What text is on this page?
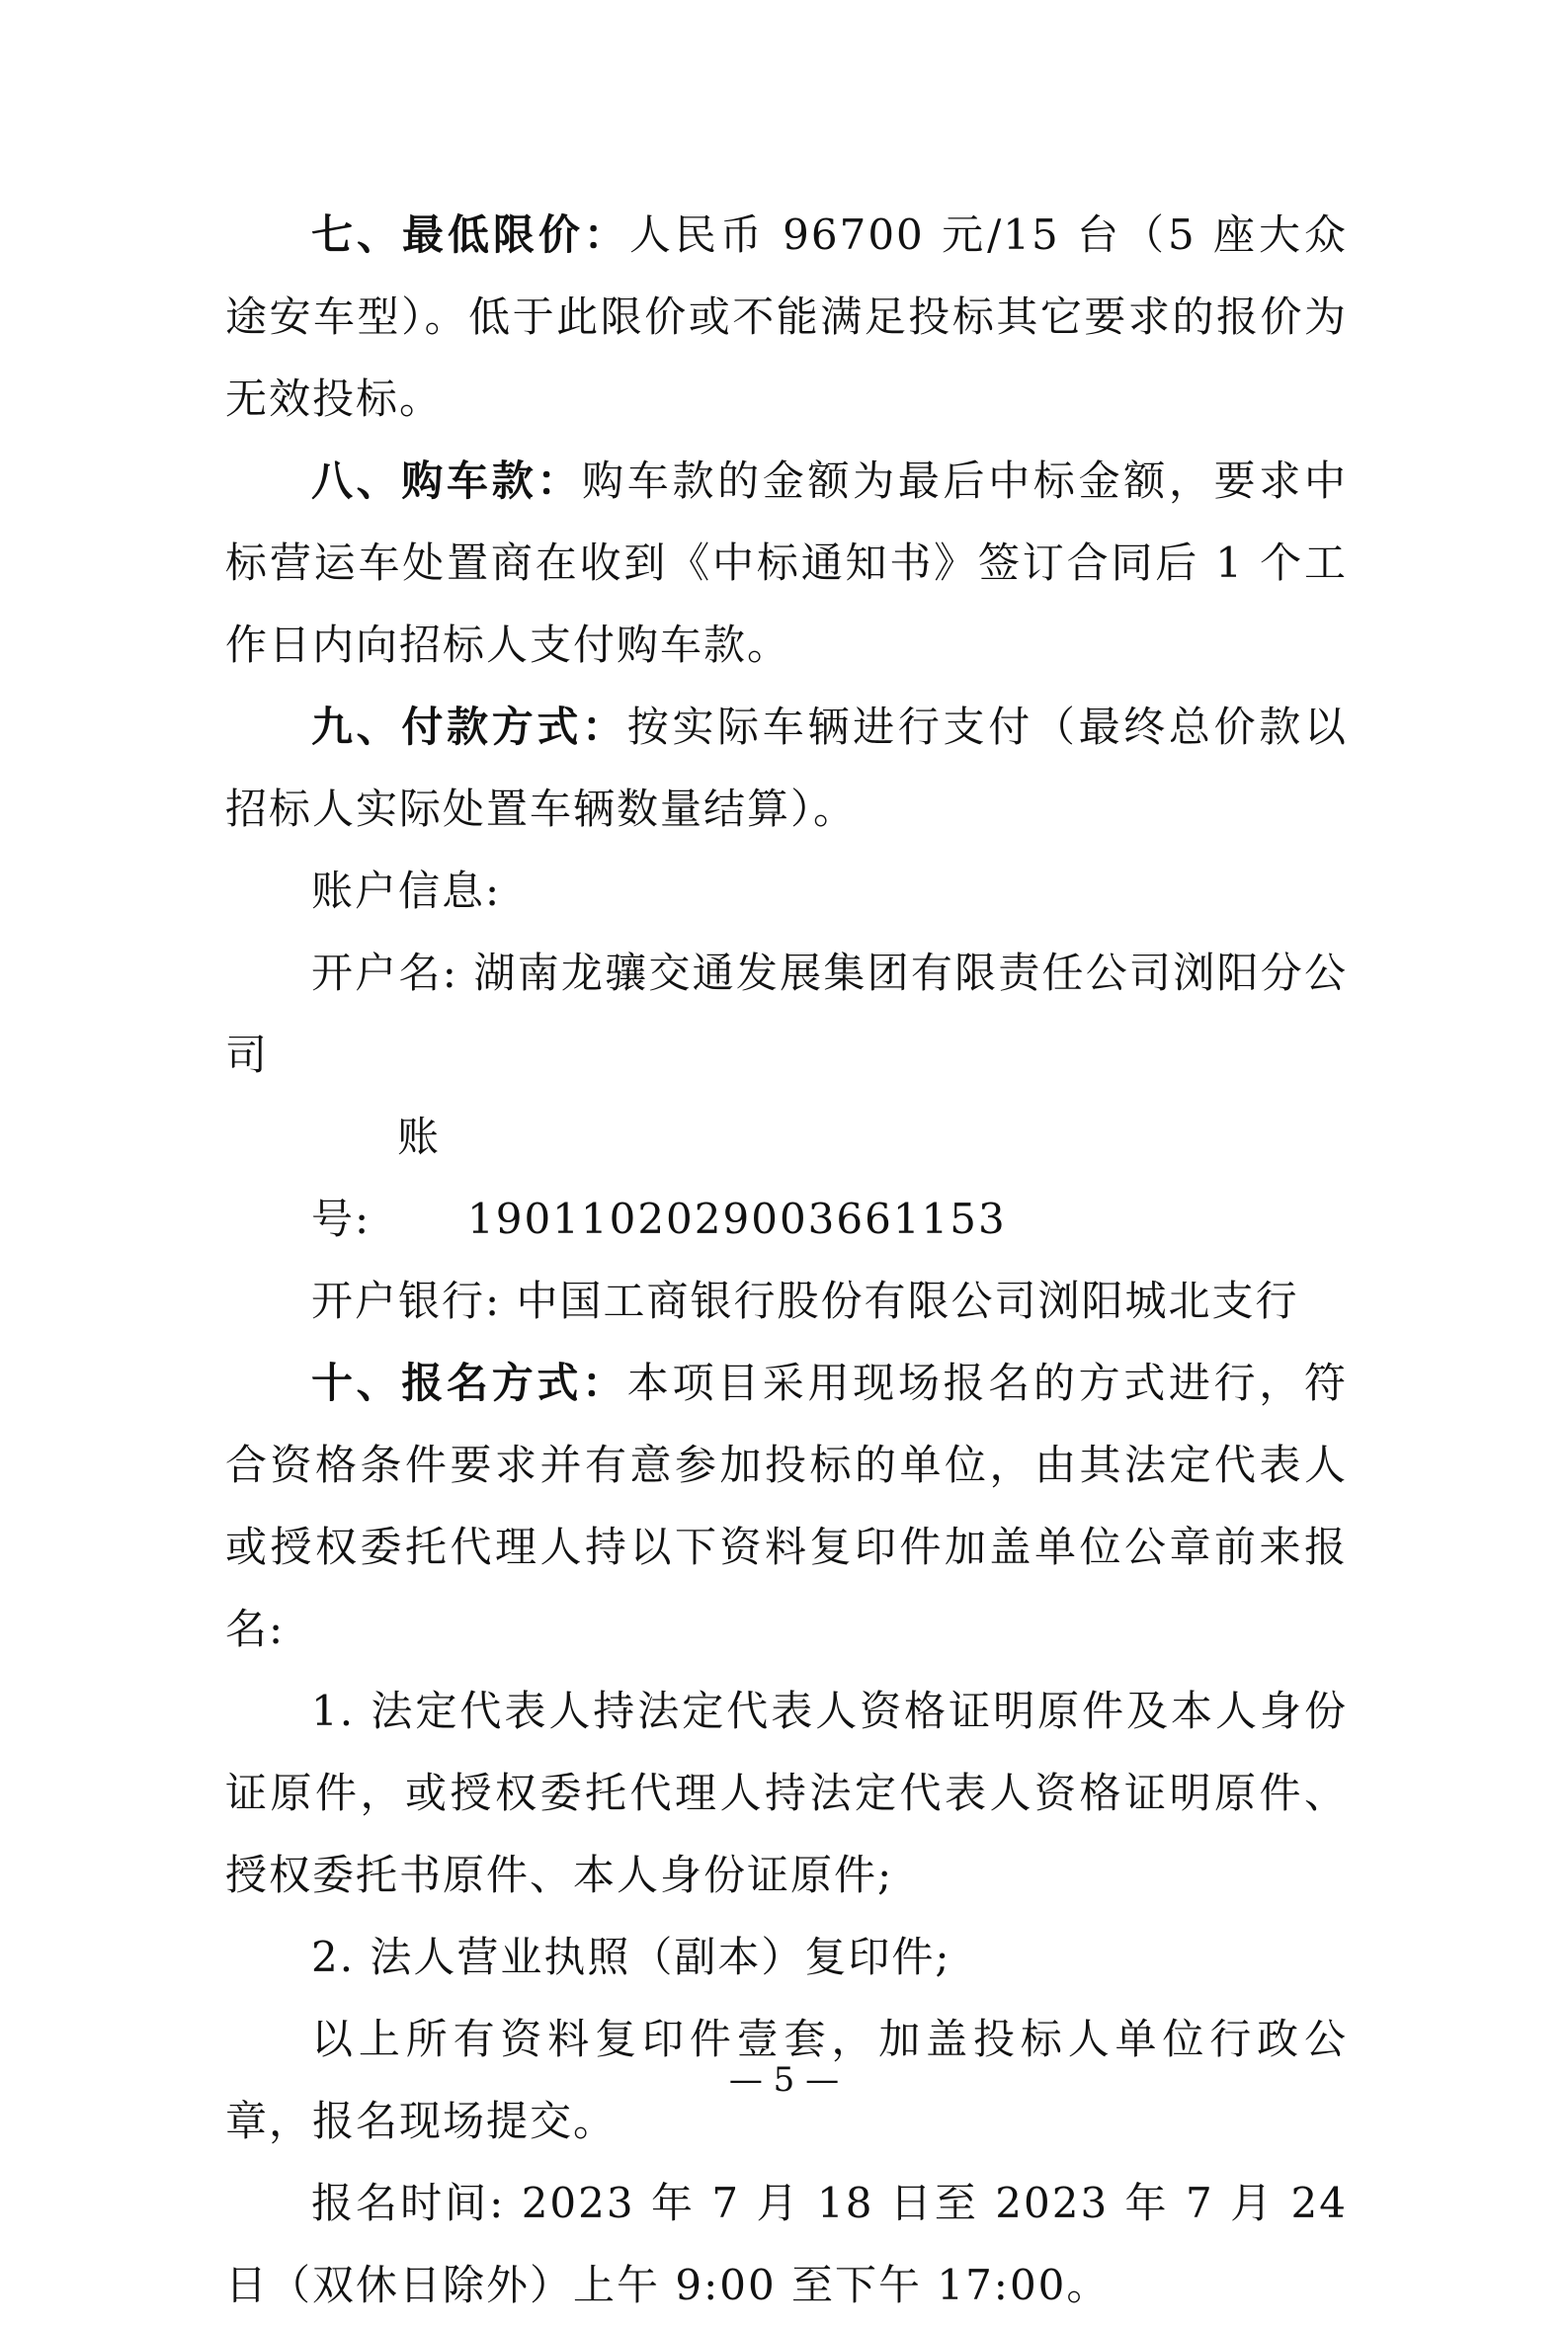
七、最低限价：人民币 96700 元/15 台（5 座大众途安车型）。低于此限价或不能满足投标其它要求的报价为无效投标。

八、购车款：购车款的金额为最后中标金额，要求中标营运车处置商在收到《中标通知书》签订合同后 1 个工作日内向招标人支付购车款。

九、付款方式：按实际车辆进行支付（最终总价款以招标人实际处置车辆数量结算）。

账户信息:

开户名: 湖南龙骧交通发展集团有限责任公司浏阳分公司

账 号: 19011020290036611​53

开户银行: 中国工商银行股份有限公司浏阳城北支行

十、报名方式：本项目采用现场报名的方式进行，符合资格条件要求并有意参加投标的单位，由其法定代表人或授权委托代理人持以下资料复印件加盖单位公章前来报名:

1. 法定代表人持法定代表人资格证明原件及本人身份证原件，或授权委托代理人持法定代表人资格证明原件、授权委托书原件、本人身份证原件;

2. 法人营业执照（副本）复印件;

以上所有资料复印件壹套，加盖投标人单位行政公章，报名现场提交。

报名时间: 2023 年 7 月 18 日至 2023 年 7 月 24 日（双休日除外）上午 9:00 至下午 17:00。

— 5 —
